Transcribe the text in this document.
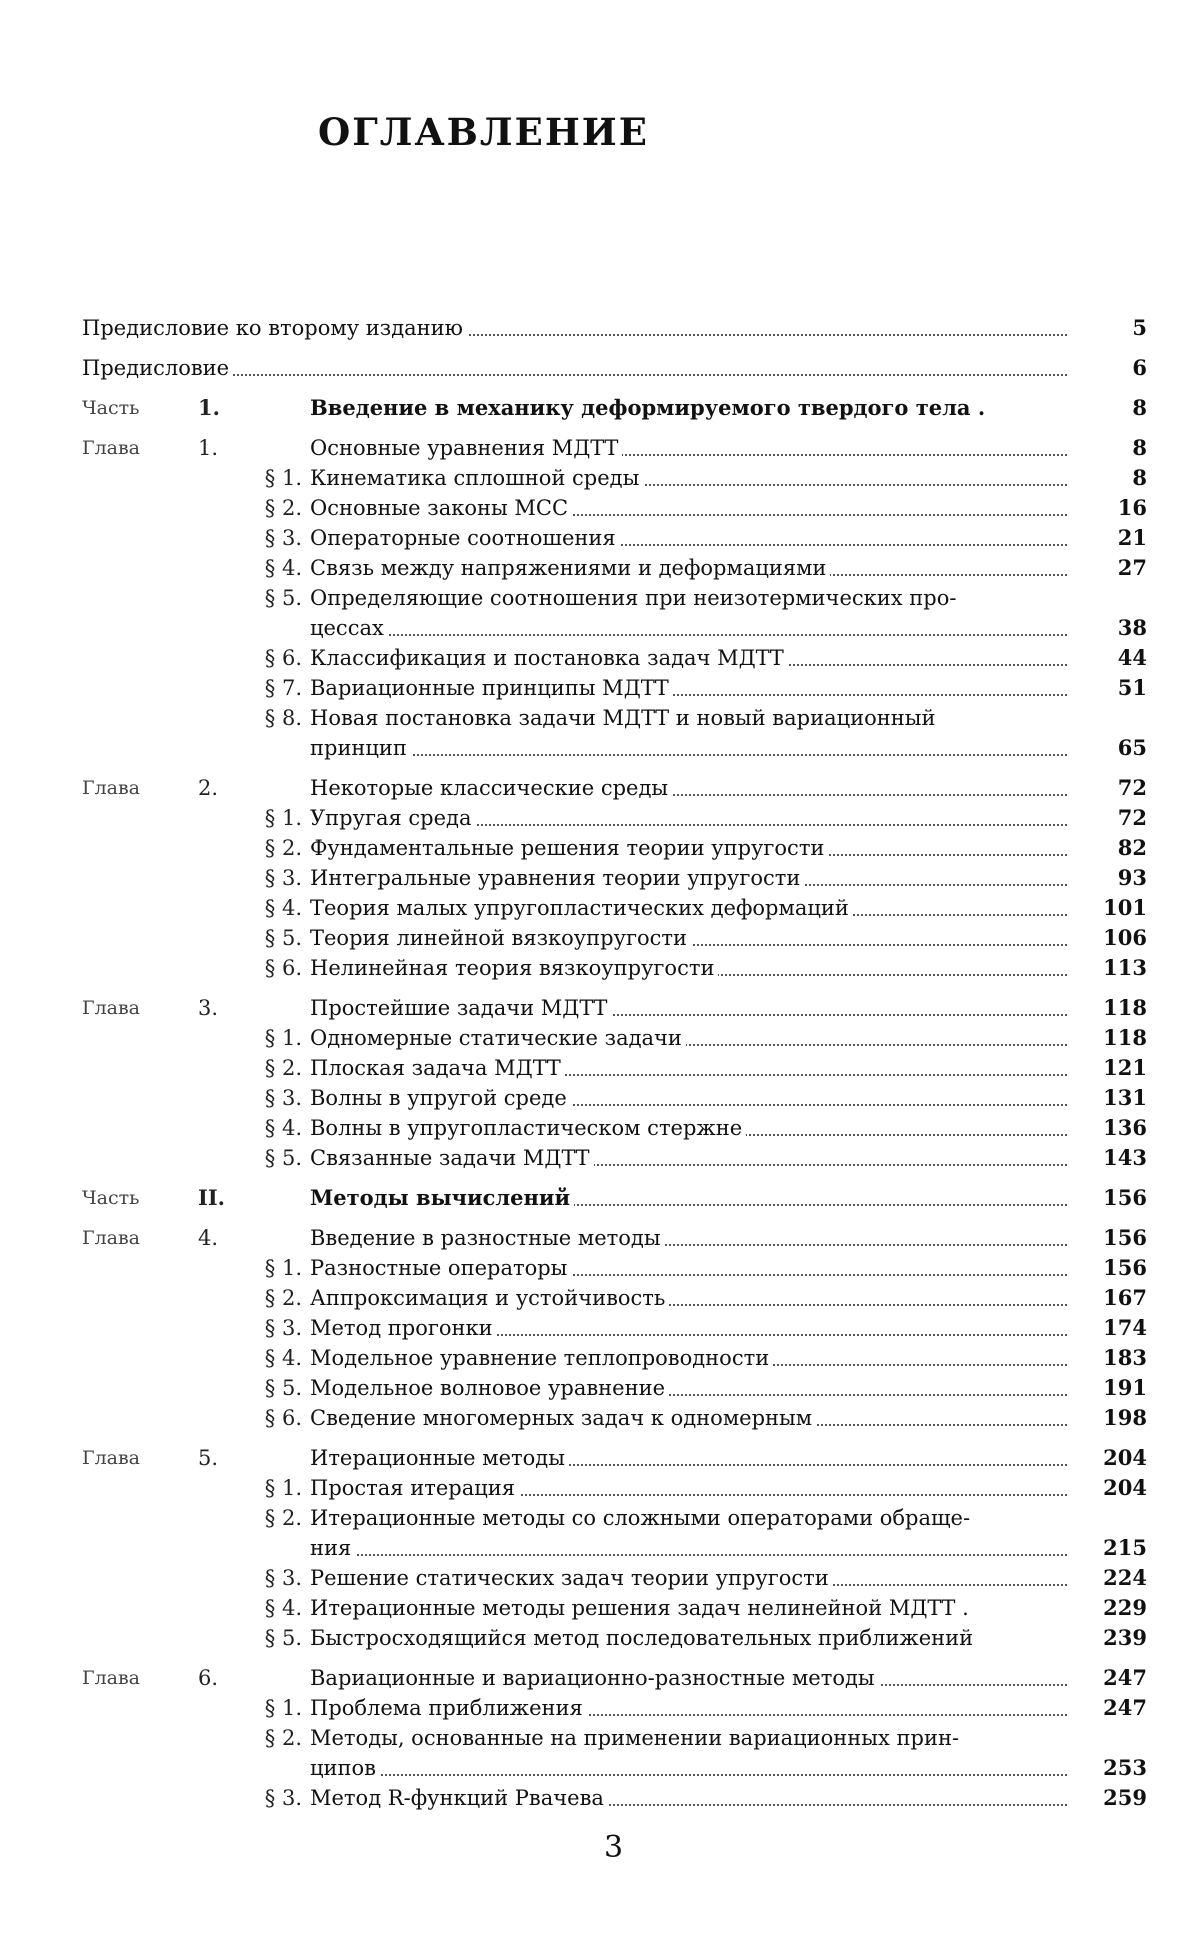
ОГЛАВЛЕНИЕ
Предисловие ко второму изданию	5
Предисловие	6
Часть	1.	Введение в механику деформируемого твердого тела .	8
Глава	1.	Основные уравнения МДТТ	8
§ 1. Кинематика сплошной среды	8
§ 2. Основные законы МСС	16
§ 3. Операторные соотношения	21
§ 4. Связь между напряжениями и деформациями	27
§ 5. Определяющие соотношения при неизотермических про-
цессах	38
§ 6. Классификация и постановка задач МДТТ	44
§ 7. Вариационные принципы МДТТ	51
§ 8. Новая постановка задачи МДТТ и новый вариационный
принцип	65
Глава	2.	Некоторые классические среды	72
§ 1. Упругая среда	72
§ 2. Фундаментальные решения теории упругости	82
§ 3. Интегральные уравнения теории упругости	93
§ 4. Теория малых упругопластических деформаций	101
§ 5. Теория линейной вязкоупругости	106
§ 6. Нелинейная теория вязкоупругости	113
Глава	3.	Простейшие задачи МДТТ	118
§ 1. Одномерные статические задачи	118
§ 2. Плоская задача МДТТ	121
§ 3. Волны в упругой среде	131
§ 4. Волны в упругопластическом стержне	136
§ 5. Связанные задачи МДТТ	143
Часть	II.	Методы вычислений	156
Глава	4.	Введение в разностные методы	156
§ 1. Разностные операторы	156
§ 2. Аппроксимация и устойчивость	167
§ 3. Метод прогонки	174
§ 4. Модельное уравнение теплопроводности	183
§ 5. Модельное волновое уравнение	191
§ 6. Сведение многомерных задач к одномерным	198
Глава	5.	Итерационные методы	204
§ 1. Простая итерация	204
§ 2. Итерационные методы со сложными операторами обраще-
ния	215
§ 3. Решение статических задач теории упругости	224
§ 4. Итерационные методы решения задач нелинейной МДТТ .	229
§ 5. Быстросходящийся метод последовательных приближений	239
Глава	6.	Вариационные и вариационно-разностные методы	247
§ 1. Проблема приближения	247
§ 2. Методы, основанные на применении вариационных прин-
ципов	253
§ 3. Метод R-функций Рвачева	259
3
